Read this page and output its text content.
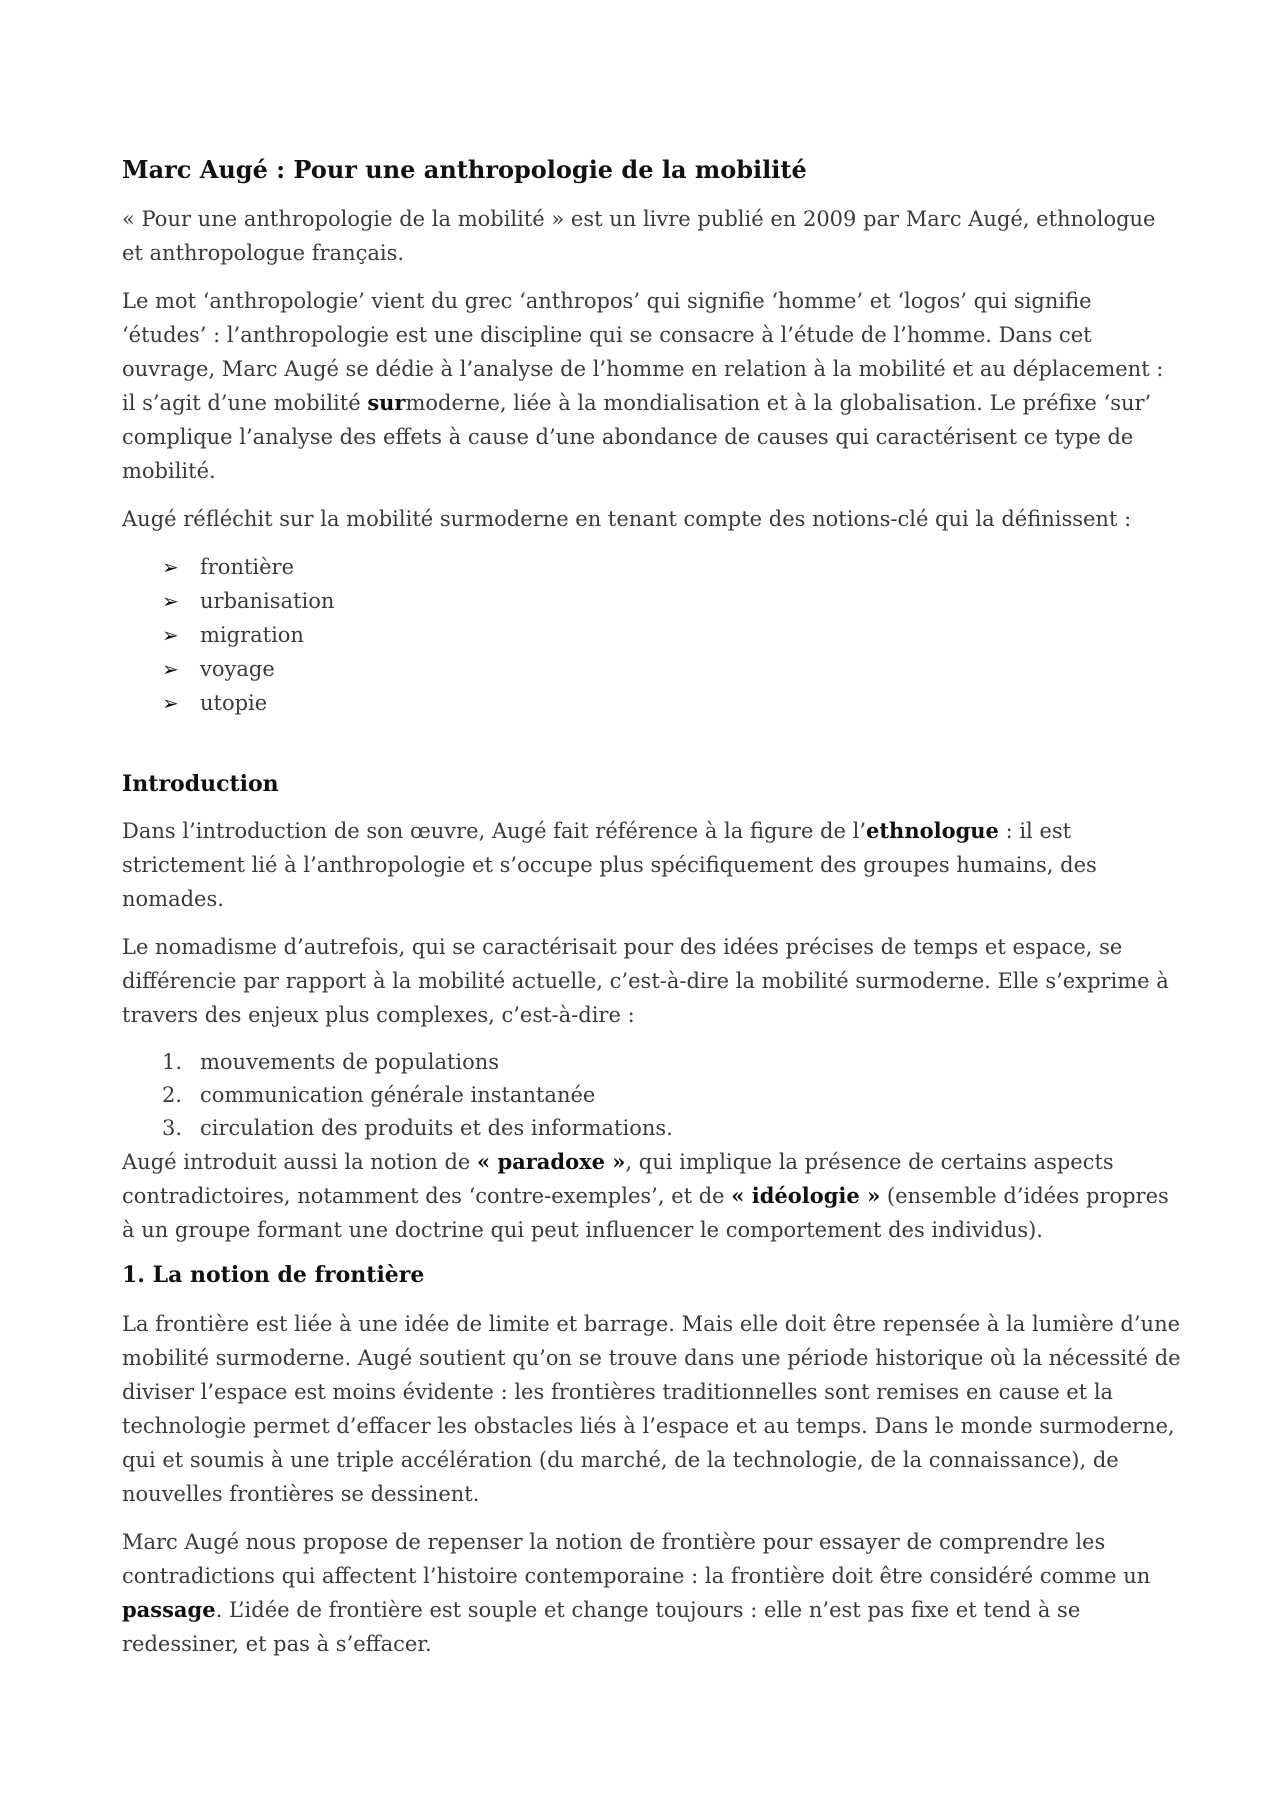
Marc Augé : Pour une anthropologie de la mobilité

« Pour une anthropologie de la mobilité » est un livre publié en 2009 par Marc Augé, ethnologue et anthropologue français.

Le mot ‘anthropologie’ vient du grec ‘anthropos’ qui signifie ‘homme’ et ‘logos’ qui signifie ‘études’ : l’anthropologie est une discipline qui se consacre à l’étude de l’homme. Dans cet ouvrage, Marc Augé se dédie à l’analyse de l’homme en relation à la mobilité et au déplacement : il s’agit d’une mobilité surmoderne, liée à la mondialisation et à la globalisation. Le préfixe ‘sur’ complique l’analyse des effets à cause d’une abondance de causes qui caractérisent ce type de mobilité.

Augé réfléchit sur la mobilité surmoderne en tenant compte des notions-clé qui la définissent :

➢ frontière
➢ urbanisation
➢ migration
➢ voyage
➢ utopie
Introduction

Dans l’introduction de son œuvre, Augé fait référence à la figure de l’ethnologue : il est strictement lié à l’anthropologie et s’occupe plus spécifiquement des groupes humains, des nomades.

Le nomadisme d’autrefois, qui se caractérisait pour des idées précises de temps et espace, se différencie par rapport à la mobilité actuelle, c’est-à-dire la mobilité surmoderne. Elle s’exprime à travers des enjeux plus complexes, c’est-à-dire :

1. mouvements de populations
2. communication générale instantanée
3. circulation des produits et des informations.

Augé introduit aussi la notion de « paradoxe », qui implique la présence de certains aspects contradictoires, notamment des ‘contre-exemples’, et de « idéologie » (ensemble d’idées propres à un groupe formant une doctrine qui peut influencer le comportement des individus).

1. La notion de frontière

La frontière est liée à une idée de limite et barrage. Mais elle doit être repensée à la lumière d’une mobilité surmoderne. Augé soutient qu’on se trouve dans une période historique où la nécessité de diviser l’espace est moins évidente : les frontières traditionnelles sont remises en cause et la technologie permet d’effacer les obstacles liés à l’espace et au temps. Dans le monde surmoderne, qui et soumis à une triple accélération (du marché, de la technologie, de la connaissance), de nouvelles frontières se dessinent.

Marc Augé nous propose de repenser la notion de frontière pour essayer de comprendre les contradictions qui affectent l’histoire contemporaine : la frontière doit être considéré comme un passage. L’idée de frontière est souple et change toujours : elle n’est pas fixe et tend à se redessiner, et pas à s’effacer.
